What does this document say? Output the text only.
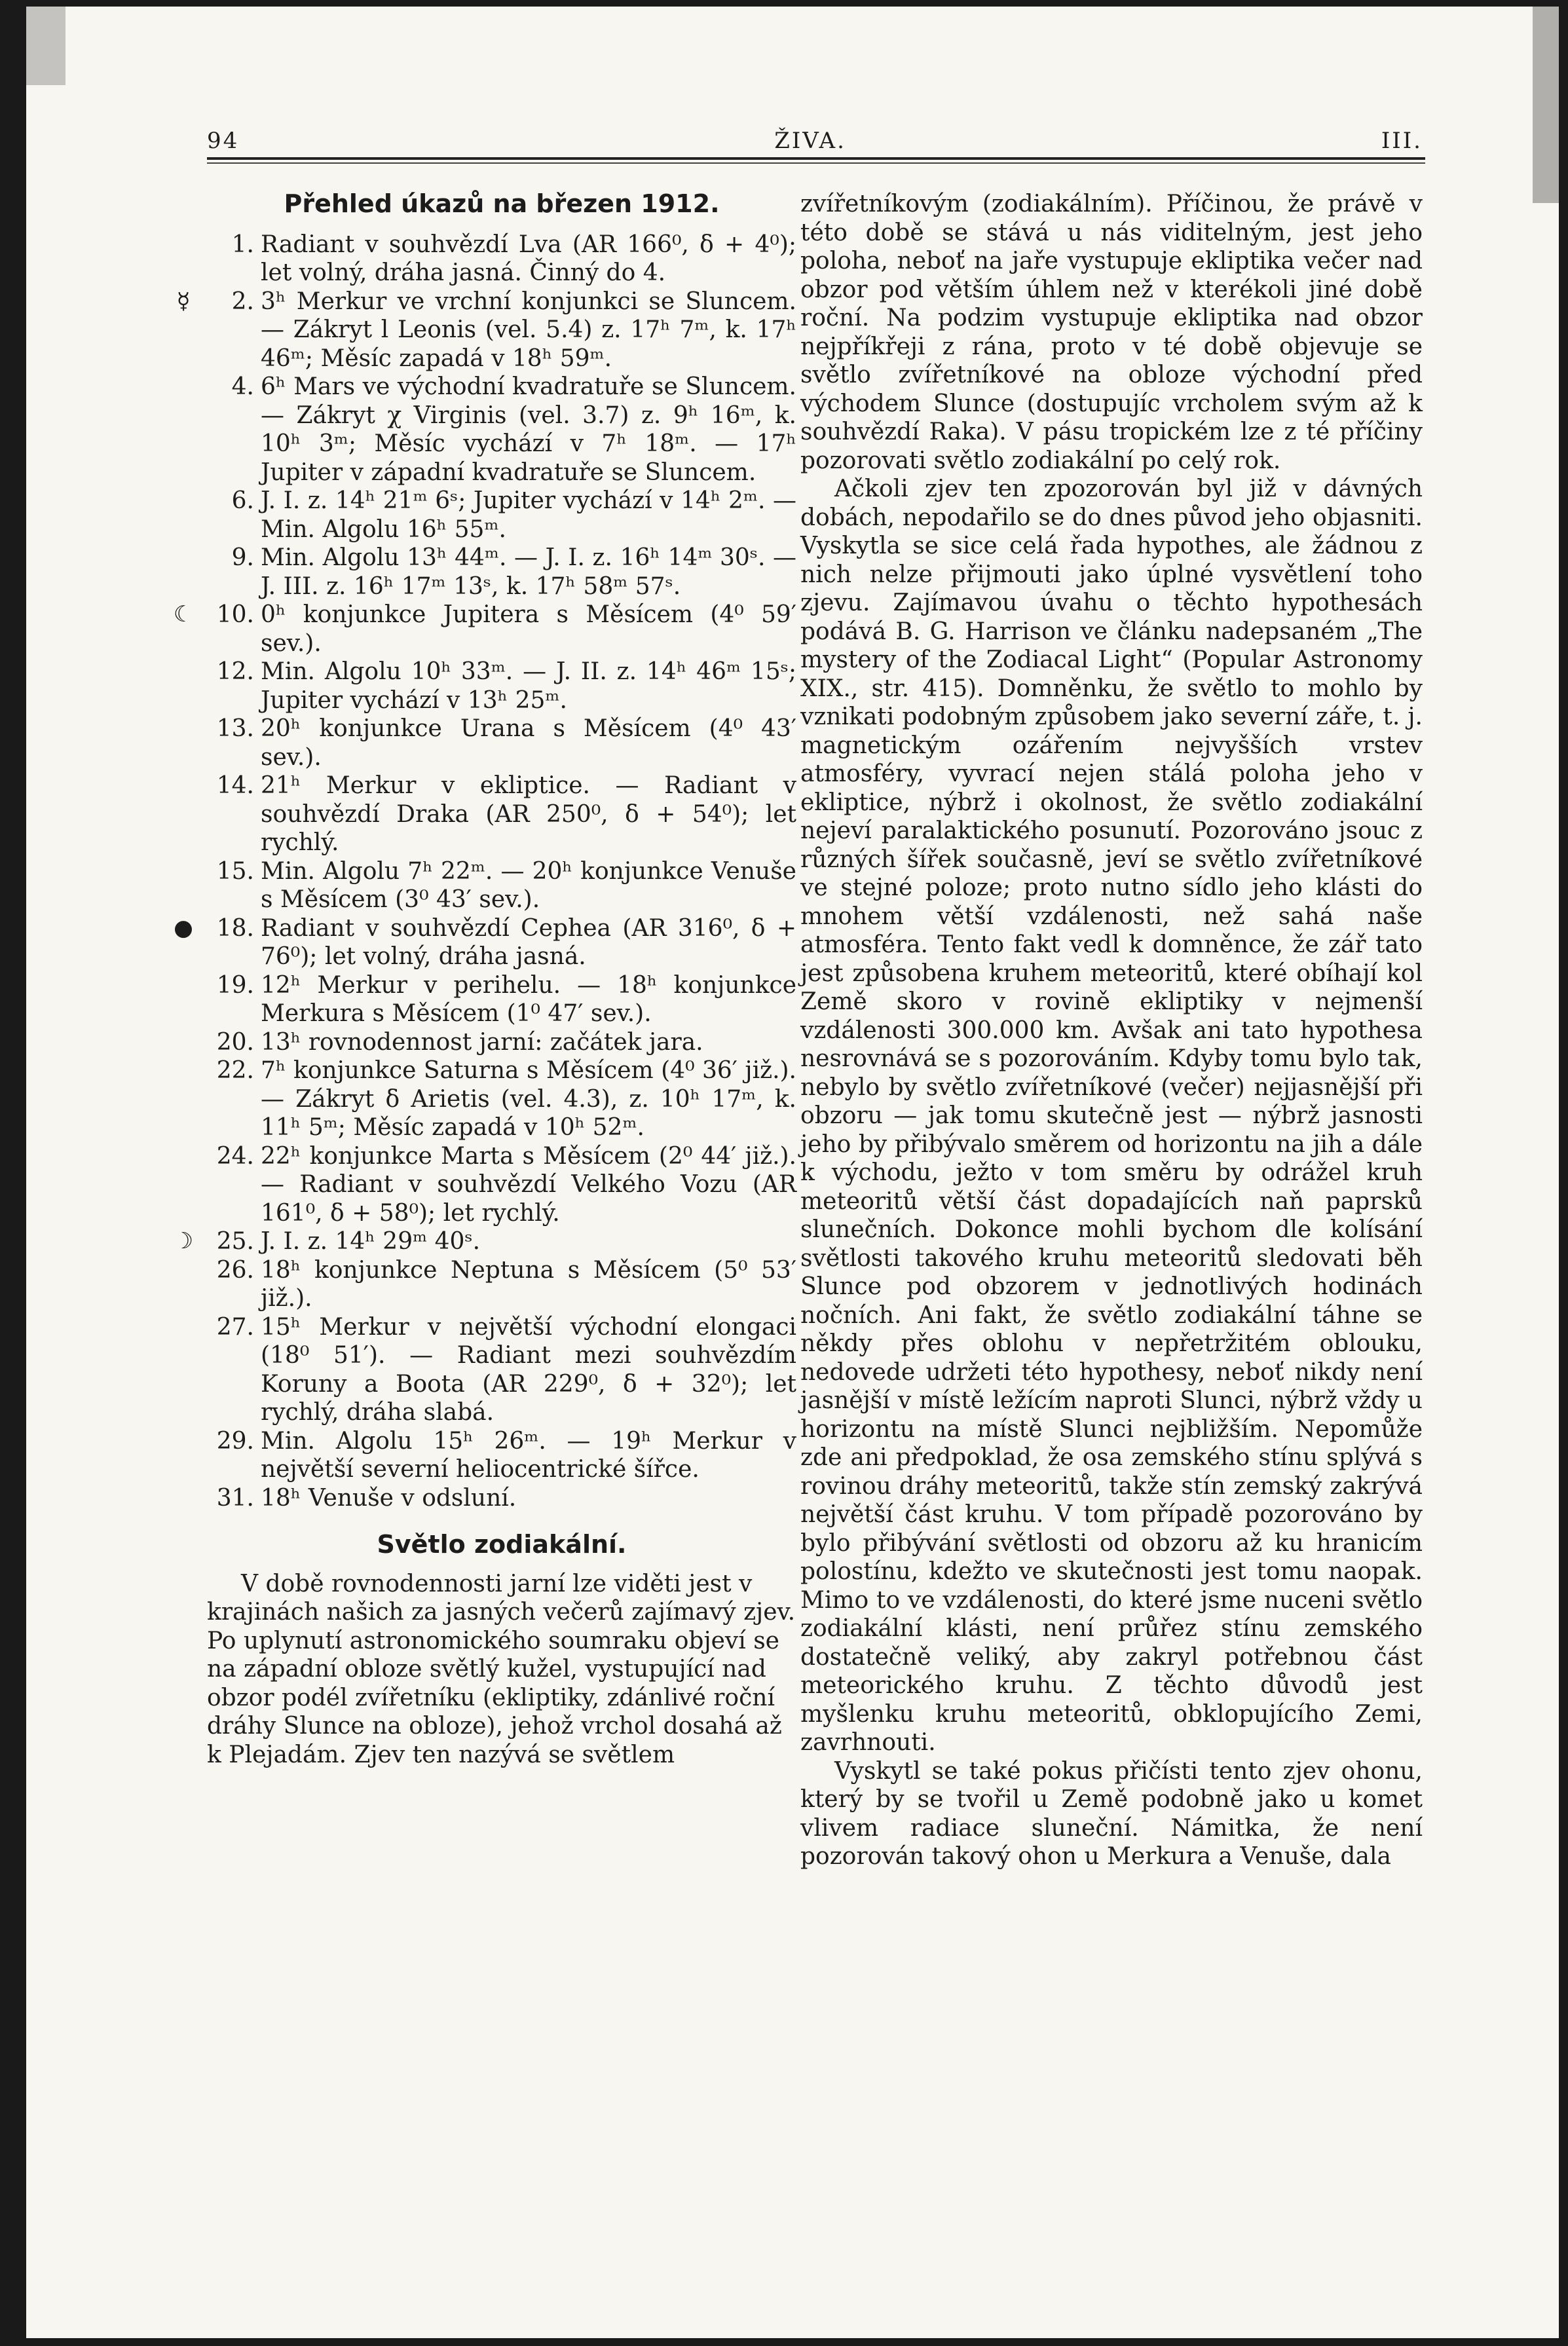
94	ŽIVA.	III.
Přehled úkazů na březen 1912.
1. Radiant v souhvězdí Lva (AR 166⁰, δ + 4⁰); let volný, dráha jasná. Činný do 4.
☿	2. 3ʰ Merkur ve vrchní konjunkci se Sluncem. — Zákryt l Leonis (vel. 5.4) z. 17ʰ 7ᵐ, k. 17ʰ 46ᵐ; Měsíc zapadá v 18ʰ 59ᵐ.
4. 6ʰ Mars ve východní kvadratuře se Sluncem. — Zákryt χ Virginis (vel. 3.7) z. 9ʰ 16ᵐ, k. 10ʰ 3ᵐ; Měsíc vychází v 7ʰ 18ᵐ. — 17ʰ Jupiter v západní kvadratuře se Sluncem.
6. J. I. z. 14ʰ 21ᵐ 6ˢ; Jupiter vychází v 14ʰ 2ᵐ. — Min. Algolu 16ʰ 55ᵐ.
9. Min. Algolu 13ʰ 44ᵐ. — J. I. z. 16ʰ 14ᵐ 30ˢ. — J. III. z. 16ʰ 17ᵐ 13ˢ, k. 17ʰ 58ᵐ 57ˢ.
☾ 10. 0ʰ konjunkce Jupitera s Měsícem (4⁰ 59′ sev.).
12. Min. Algolu 10ʰ 33ᵐ. — J. II. z. 14ʰ 46ᵐ 15ˢ; Jupiter vychází v 13ʰ 25ᵐ.
13. 20ʰ konjunkce Urana s Měsícem (4⁰ 43′ sev.).
14. 21ʰ Merkur v ekliptice. — Radiant v souhvězdí Draka (AR 250⁰, δ + 54⁰); let rychlý.
15. Min. Algolu 7ʰ 22ᵐ. — 20ʰ konjunkce Venuše s Měsícem (3⁰ 43′ sev.).
● 18. Radiant v souhvězdí Cephea (AR 316⁰, δ + 76⁰); let volný, dráha jasná.
19. 12ʰ Merkur v perihelu. — 18ʰ konjunkce Merkura s Měsícem (1⁰ 47′ sev.).
20. 13ʰ rovnodennost jarní: začátek jara.
22. 7ʰ konjunkce Saturna s Měsícem (4⁰ 36′ již.). — Zákryt δ Arietis (vel. 4.3), z. 10ʰ 17ᵐ, k. 11ʰ 5ᵐ; Měsíc zapadá v 10ʰ 52ᵐ.
24. 22ʰ konjunkce Marta s Měsícem (2⁰ 44′ již.). — Radiant v souhvězdí Velkého Vozu (AR 161⁰, δ + 58⁰); let rychlý.
☽ 25. J. I. z. 14ʰ 29ᵐ 40ˢ.
26. 18ʰ konjunkce Neptuna s Měsícem (5⁰ 53′ již.).
27. 15ʰ Merkur v největší východní elongaci (18⁰ 51′). — Radiant mezi souhvězdím Koruny a Boota (AR 229⁰, δ + 32⁰); let rychlý, dráha slabá.
29. Min. Algolu 15ʰ 26ᵐ. — 19ʰ Merkur v největší severní heliocentrické šířce.
31. 18ʰ Venuše v odsluní.
Světlo zodiakální.

V době rovnodennosti jarní lze viděti jest v krajinách našich za jasných večerů zajímavý zjev. Po uplynutí astronomického soumraku objeví se na západní obloze světlý kužel, vystupující nad obzor podél zvířetníku (ekliptiky, zdánlivé roční dráhy Slunce na obloze), jehož vrchol dosahá až k Plejadám. Zjev ten nazývá se světlem

zvířetníkovým (zodiakálním). Příčinou, že právě v této době se stává u nás viditelným, jest jeho poloha, neboť na jaře vystupuje ekliptika večer nad obzor pod větším úhlem než v kterékoli jiné době roční. Na podzim vystupuje ekliptika nad obzor nejpříkřeji z rána, proto v té době objevuje se světlo zvířetníkové na obloze východní před východem Slunce (dostupujíc vrcholem svým až k souhvězdí Raka). V pásu tropickém lze z té příčiny pozorovati světlo zodiakální po celý rok.

Ačkoli zjev ten zpozorován byl již v dávných dobách, nepodařilo se do dnes původ jeho objasniti. Vyskytla se sice celá řada hypothes, ale žádnou z nich nelze přijmouti jako úplné vysvětlení toho zjevu. Zajímavou úvahu o těchto hypothesách podává B. G. Harrison ve článku nadepsaném „The mystery of the Zodiacal Light“ (Popular Astronomy XIX., str. 415). Domněnku, že světlo to mohlo by vznikati podobným způsobem jako severní záře, t. j. magnetickým ozářením nejvyšších vrstev atmosféry, vyvrací nejen stálá poloha jeho v ekliptice, nýbrž i okolnost, že světlo zodiakální nejeví paralaktického posunutí. Pozorováno jsouc z různých šířek současně, jeví se světlo zvířetníkové ve stejné poloze; proto nutno sídlo jeho klásti do mnohem větší vzdálenosti, než sahá naše atmosféra. Tento fakt vedl k domněnce, že zář tato jest způsobena kruhem meteoritů, které obíhají kol Země skoro v rovině ekliptiky v nejmenší vzdálenosti 300.000 km. Avšak ani tato hypothesa nesrovnává se s pozorováním. Kdyby tomu bylo tak, nebylo by světlo zvířetníkové (večer) nejjasnější při obzoru — jak tomu skutečně jest — nýbrž jasnosti jeho by přibývalo směrem od horizontu na jih a dále k východu, ježto v tom směru by odrážel kruh meteoritů větší část dopadajících naň paprsků slunečních. Dokonce mohli bychom dle kolísání světlosti takového kruhu meteoritů sledovati běh Slunce pod obzorem v jednotlivých hodinách nočních. Ani fakt, že světlo zodiakální táhne se někdy přes oblohu v nepřetržitém oblouku, nedovede udržeti této hypothesy, neboť nikdy není jasnější v místě ležícím naproti Slunci, nýbrž vždy u horizontu na místě Slunci nejbližším. Nepomůže zde ani předpoklad, že osa zemského stínu splývá s rovinou dráhy meteoritů, takže stín zemský zakrývá největší část kruhu. V tom případě pozorováno by bylo přibývání světlosti od obzoru až ku hranicím polostínu, kdežto ve skutečnosti jest tomu naopak. Mimo to ve vzdálenosti, do které jsme nuceni světlo zodiakální klásti, není průřez stínu zemského dostatečně veliký, aby zakryl potřebnou část meteorického kruhu. Z těchto důvodů jest myšlenku kruhu meteoritů, obklopujícího Zemi, zavrhnouti.

Vyskytl se také pokus přičísti tento zjev ohonu, který by se tvořil u Země podobně jako u komet vlivem radiace sluneční. Námitka, že není pozorován takový ohon u Merkura a Venuše, dala
